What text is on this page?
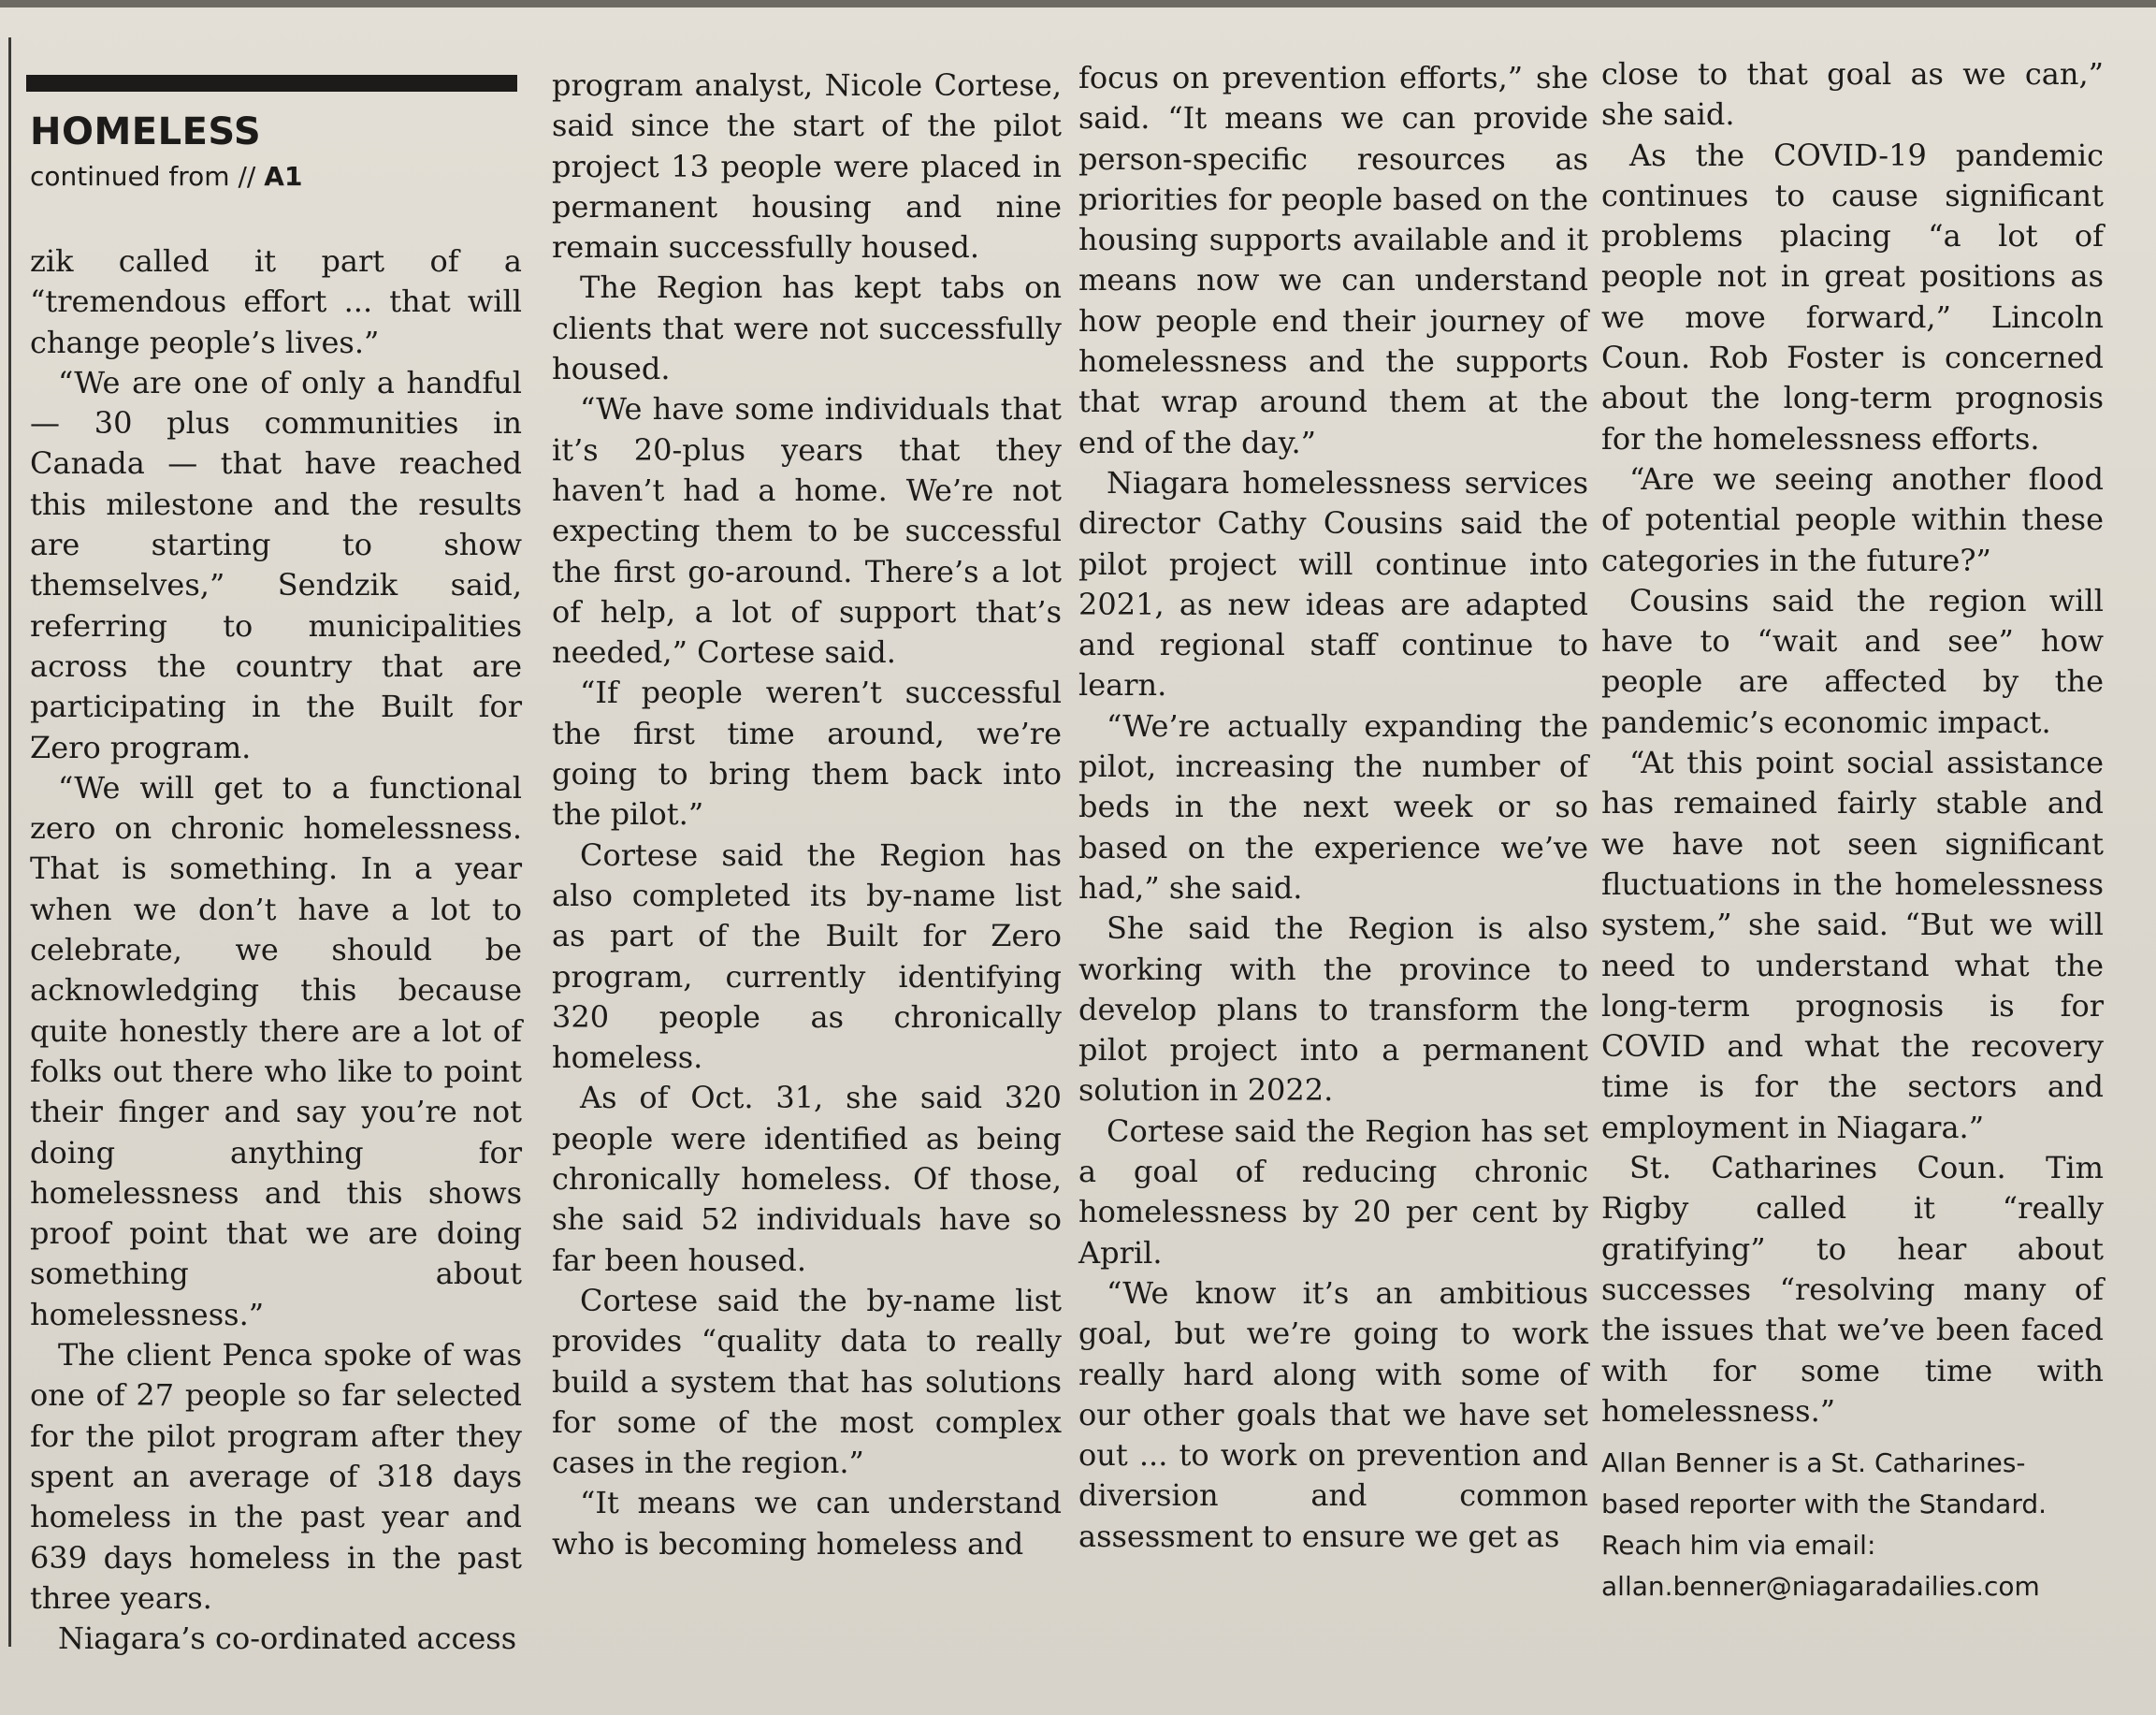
HOMELESS
continued from // A1

zik called it part of a “tremendous effort ... that will change people’s lives.”

“We are one of only a handful — 30 plus communities in Canada — that have reached this milestone and the results are starting to show themselves,” Sendzik said, referring to municipalities across the country that are participating in the Built for Zero program.

“We will get to a functional zero on chronic homelessness. That is something. In a year when we don’t have a lot to celebrate, we should be acknowledging this because quite honestly there are a lot of folks out there who like to point their finger and say you’re not doing anything for homelessness and this shows proof point that we are doing something about homelessness.”

The client Penca spoke of was one of 27 people so far selected for the pilot program after they spent an average of 318 days homeless in the past year and 639 days homeless in the past three years.

Niagara’s co-ordinated access

program analyst, Nicole Cortese, said since the start of the pilot project 13 people were placed in permanent housing and nine remain successfully housed.

The Region has kept tabs on clients that were not successfully housed.

“We have some individuals that it’s 20-plus years that they haven’t had a home. We’re not expecting them to be successful the first go-around. There’s a lot of help, a lot of support that’s needed,” Cortese said.

“If people weren’t successful the first time around, we’re going to bring them back into the pilot.”

Cortese said the Region has also completed its by-name list as part of the Built for Zero program, currently identifying 320 people as chronically homeless.

As of Oct. 31, she said 320 people were identified as being chronically homeless. Of those, she said 52 individuals have so far been housed.

Cortese said the by-name list provides “quality data to really build a system that has solutions for some of the most complex cases in the region.”

“It means we can understand who is becoming homeless and

focus on prevention efforts,” she said. “It means we can provide person-specific resources as priorities for people based on the housing supports available and it means now we can understand how people end their journey of homelessness and the supports that wrap around them at the end of the day.”

Niagara homelessness services director Cathy Cousins said the pilot project will continue into 2021, as new ideas are adapted and regional staff continue to learn.

“We’re actually expanding the pilot, increasing the number of beds in the next week or so based on the experience we’ve had,” she said.

She said the Region is also working with the province to develop plans to transform the pilot project into a permanent solution in 2022.

Cortese said the Region has set a goal of reducing chronic homelessness by 20 per cent by April.

“We know it’s an ambitious goal, but we’re going to work really hard along with some of our other goals that we have set out ... to work on prevention and diversion and common assessment to ensure we get as

close to that goal as we can,” she said.

As the COVID-19 pandemic continues to cause significant problems placing “a lot of people not in great positions as we move forward,” Lincoln Coun. Rob Foster is concerned about the long-term prognosis for the homelessness efforts.

“Are we seeing another flood of potential people within these categories in the future?”

Cousins said the region will have to “wait and see” how people are affected by the pandemic’s economic impact.

“At this point social assistance has remained fairly stable and we have not seen significant fluctuations in the homelessness system,” she said. “But we will need to understand what the long-term prognosis is for COVID and what the recovery time is for the sectors and employment in Niagara.”

St. Catharines Coun. Tim Rigby called it “really gratifying” to hear about successes “resolving many of the issues that we’ve been faced with for some time with homelessness.”

Allan Benner is a St. Catharines-based reporter with the Standard. Reach him via email: allan.benner@niagaradailies.com
